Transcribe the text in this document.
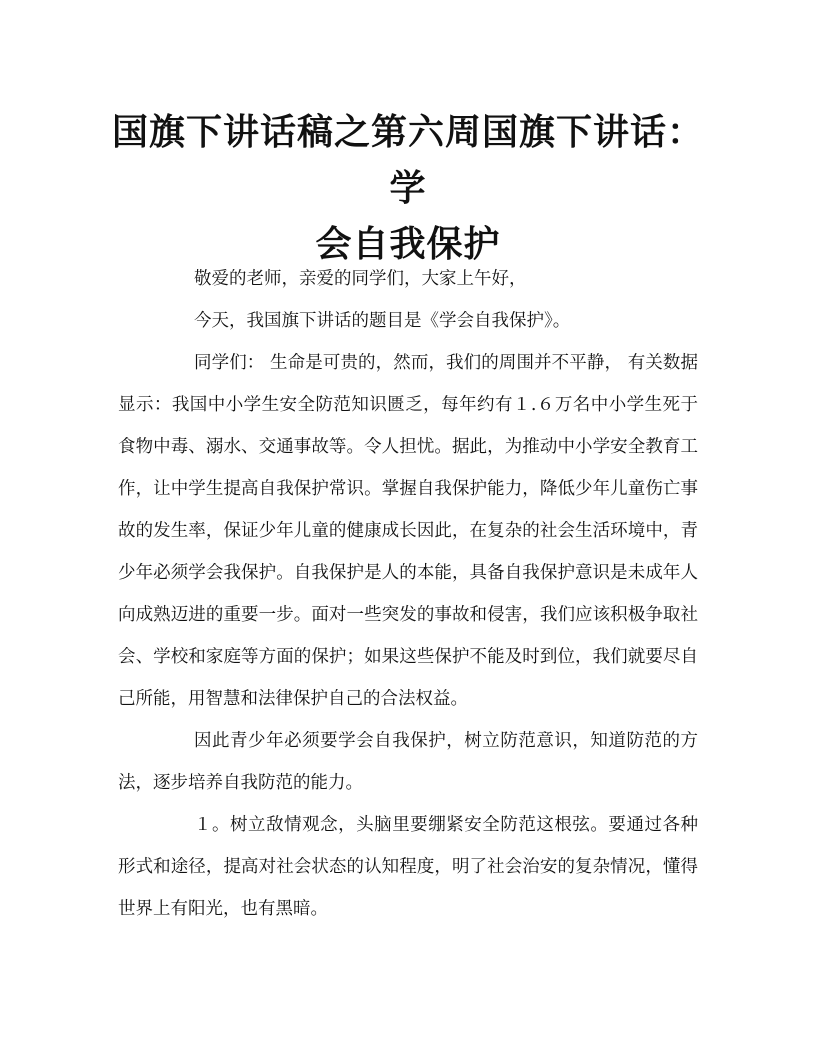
国旗下讲话稿之第六周国旗下讲话：学
会自我保护

敬爱的老师，亲爱的同学们，大家上午好，

今天，我国旗下讲话的题目是《学会自我保护》。

同学们： 生命是可贵的，然而，我们的周围并不平静， 有关数据显示：我国中小学生安全防范知识匮乏，每年约有１.６万名中小学生死于食物中毒、溺水、交通事故等。令人担忧。据此，为推动中小学安全教育工作，让中学生提高自我保护常识。掌握自我保护能力，降低少年儿童伤亡事故的发生率，保证少年儿童的健康成长因此，在复杂的社会生活环境中，青少年必须学会我保护。自我保护是人的本能，具备自我保护意识是未成年人向成熟迈进的重要一步。面对一些突发的事故和侵害，我们应该积极争取社会、学校和家庭等方面的保护；如果这些保护不能及时到位，我们就要尽自己所能，用智慧和法律保护自己的合法权益。

因此青少年必须要学会自我保护，树立防范意识，知道防范的方法，逐步培养自我防范的能力。

１。树立敌情观念，头脑里要绷紧安全防范这根弦。要通过各种形式和途径，提高对社会状态的认知程度，明了社会治安的复杂情况，懂得世界上有阳光，也有黑暗。
